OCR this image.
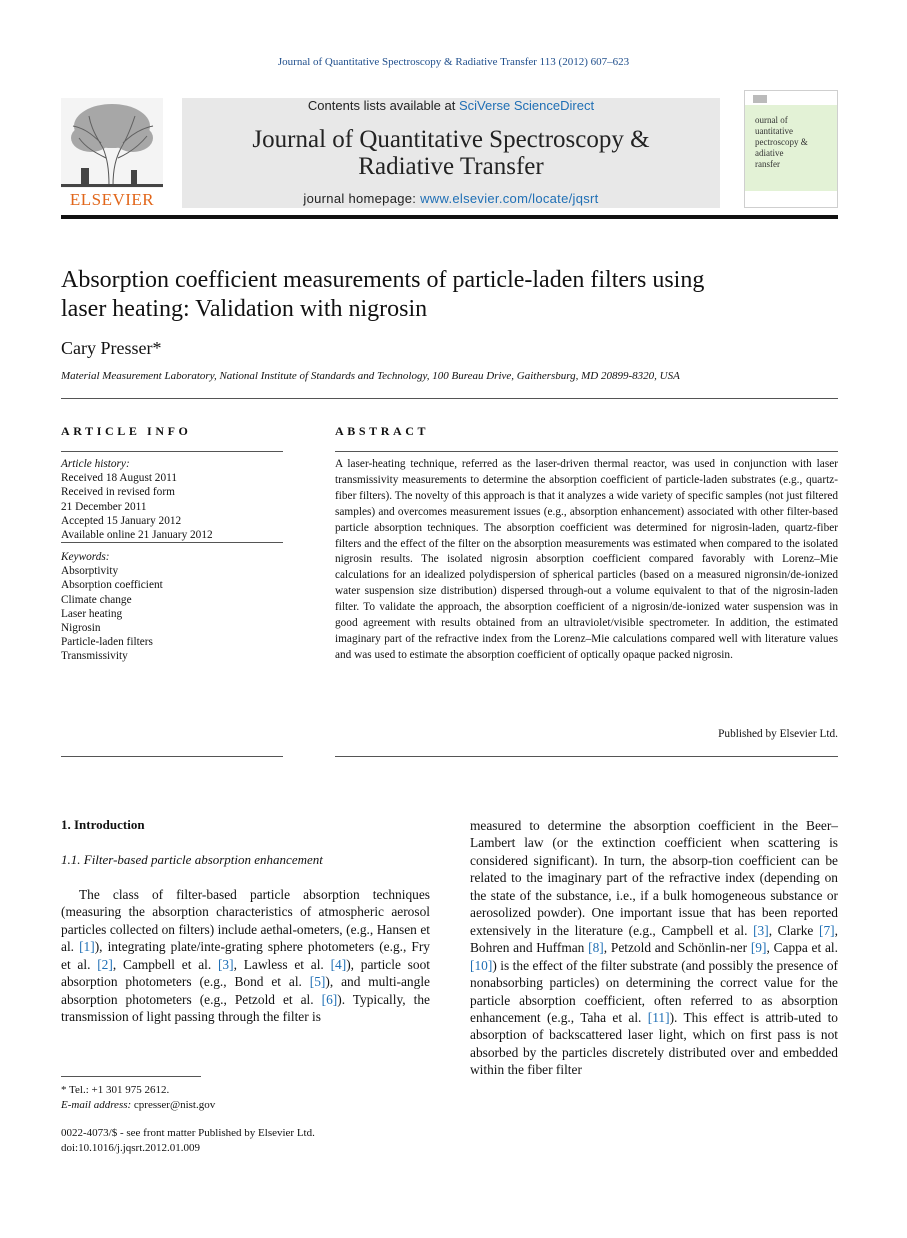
Journal of Quantitative Spectroscopy & Radiative Transfer 113 (2012) 607–623
ELSEVIER
Contents lists available at SciVerse ScienceDirect
Journal of Quantitative Spectroscopy &
Radiative Transfer
journal homepage: www.elsevier.com/locate/jqsrt
ournal of
uantitative
pectroscopy &
adiative
ransfer
Absorption coefficient measurements of particle-laden filters using
laser heating: Validation with nigrosin
Cary Presser*
Material Measurement Laboratory, National Institute of Standards and Technology, 100 Bureau Drive, Gaithersburg, MD 20899-8320, USA
ARTICLE INFO
Article history:
Received 18 August 2011
Received in revised form
21 December 2011
Accepted 15 January 2012
Available online 21 January 2012
Keywords:
Absorptivity
Absorption coefficient
Climate change
Laser heating
Nigrosin
Particle-laden filters
Transmissivity
ABSTRACT
A laser-heating technique, referred as the laser-driven thermal reactor, was used in conjunction with laser transmissivity measurements to determine the absorption coefficient of particle-laden substrates (e.g., quartz-fiber filters). The novelty of this approach is that it analyzes a wide variety of specific samples (not just filtered samples) and overcomes measurement issues (e.g., absorption enhancement) associated with other filter-based particle absorption techniques. The absorption coefficient was determined for nigrosin-laden, quartz-fiber filters and the effect of the filter on the absorption measurements was estimated when compared to the isolated nigrosin results. The isolated nigrosin absorption coefficient compared favorably with Lorenz–Mie calculations for an idealized polydispersion of spherical particles (based on a measured nigronsin/de-ionized water suspension size distribution) dispersed through-out a volume equivalent to that of the nigrosin-laden filter. To validate the approach, the absorption coefficient of a nigrosin/de-ionized water suspension was in good agreement with results obtained from an ultraviolet/visible spectrometer. In addition, the estimated imaginary part of the refractive index from the Lorenz–Mie calculations compared well with literature values and was used to estimate the absorption coefficient of optically opaque packed nigrosin.
Published by Elsevier Ltd.
1. Introduction
1.1. Filter-based particle absorption enhancement
The class of filter-based particle absorption techniques (measuring the absorption characteristics of atmospheric aerosol particles collected on filters) include aethal-ometers, (e.g., Hansen et al. [1]), integrating plate/inte-grating sphere photometers (e.g., Fry et al. [2], Campbell et al. [3], Lawless et al. [4]), particle soot absorption photometers (e.g., Bond et al. [5]), and multi-angle absorption photometers (e.g., Petzold et al. [6]). Typically, the transmission of light passing through the filter is
measured to determine the absorption coefficient in the Beer–Lambert law (or the extinction coefficient when scattering is considered significant). In turn, the absorp-tion coefficient can be related to the imaginary part of the refractive index (depending on the state of the substance, i.e., if a bulk homogeneous substance or aerosolized powder). One important issue that has been reported extensively in the literature (e.g., Campbell et al. [3], Clarke [7], Bohren and Huffman [8], Petzold and Schönlin-ner [9], Cappa et al. [10]) is the effect of the filter substrate (and possibly the presence of nonabsorbing particles) on determining the correct value for the particle absorption coefficient, often referred to as absorption enhancement (e.g., Taha et al. [11]). This effect is attrib-uted to absorption of backscattered laser light, which on first pass is not absorbed by the particles discretely distributed over and embedded within the fiber filter
* Tel.: +1 301 975 2612.
E-mail address: cpresser@nist.gov
0022-4073/$ - see front matter Published by Elsevier Ltd.
doi:10.1016/j.jqsrt.2012.01.009
